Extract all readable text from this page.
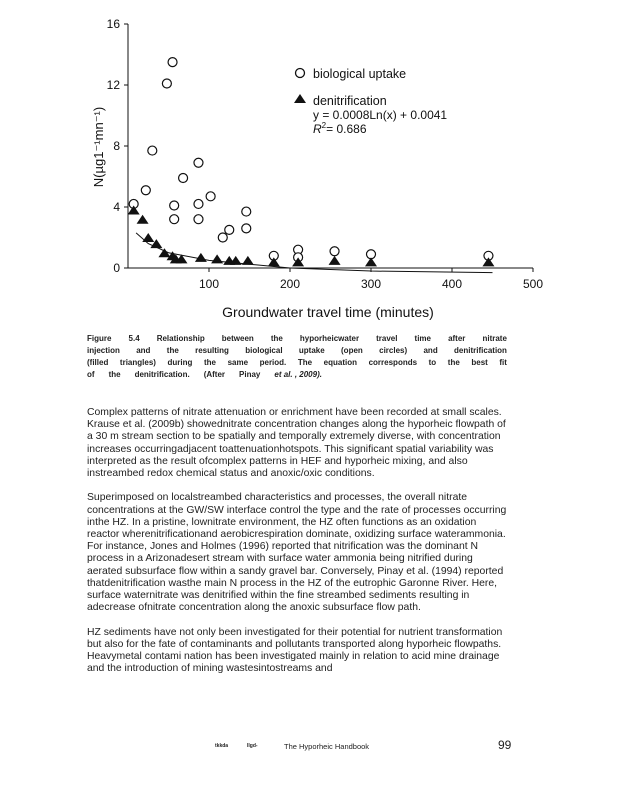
0
4
8
12
16
100	200	300	400	500
biological uptake
denitrification
y = 0.0008Ln(x) + 0.0041
$R^2= 0.686$
Groundwater travel time (minutes)
N(µg1⁻¹mn⁻¹)

Figure 5.4 Relationship between the hyporheicwater travel time after nitrate

injection and the resulting biological uptake (open circles) and denitrification

(filled triangles) during the same period. The equation corresponds to the best fit

of the denitrification. (After Pinay et al. , 2009).

Complex patterns of nitrate attenuation or enrichment have been recorded at small scales. Krause et al. (2009b) showednitrate concentration changes along the hyporheic flowpath of a 30 m stream section to be spatially and temporally extremely diverse, with concentration increases occurringadjacent toattenuationhotspots. This significant spatial variability was interpreted as the result ofcomplex patterns in HEF and hyporheic mixing, and also instreambed redox chemical status and anoxic/oxic conditions.

Superimposed on localstreambed characteristics and processes, the overall nitrate concentrations at the GW/SW interface control the type and the rate of processes occurring inthe HZ. In a pristine, lownitrate environment, the HZ often functions as an oxidation reactor wherenitrificationand aerobicrespiration dominate, oxidizing surface waterammonia. For instance, Jones and Holmes (1996) reported that nitrification was the dominant N process in a Arizonadesert stream with surface water ammonia being nitrified during aerated subsurface flow within a sandy gravel bar. Conversely, Pinay et al. (1994) reported thatdenitrification wasthe main N process in the HZ of the eutrophic Garonne River. Here, surface waternitrate was denitrified within the fine streambed sediments resulting in adecrease ofnitrate concentration along the anoxic subsurface flow path.

HZ sediments have not only been investigated for their potential for nutrient transformation but also for the fate of contaminants and pollutants transported along hyporheic flowpaths. Heavymetal contami nation has been investigated mainly in relation to acid mine drainage and the introduction of mining wastesintostreams and

tkkda	Ilgd-	The Hyporheic Handbook	99
